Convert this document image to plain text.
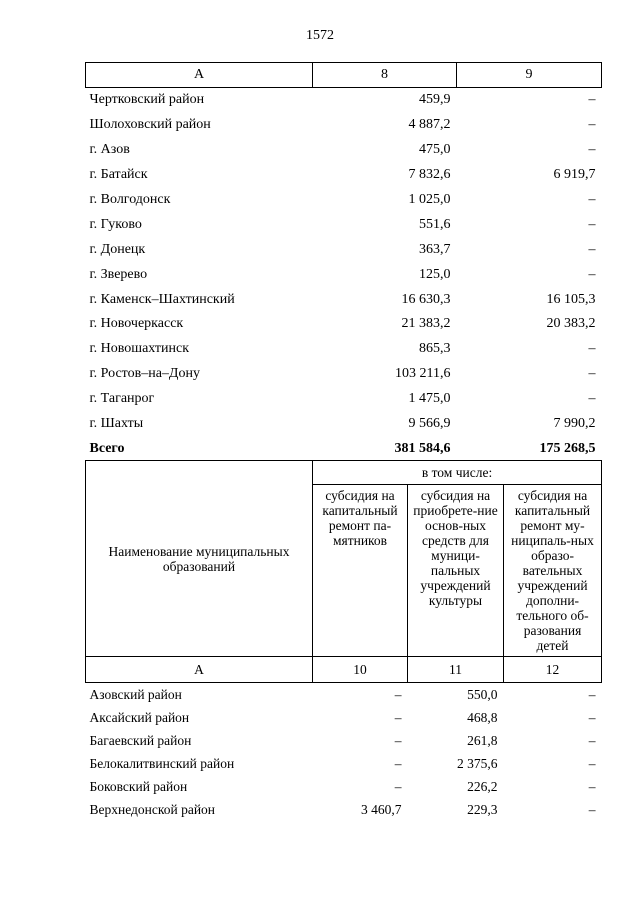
1572
А	8	9
Чертковский район	459,9	–
Шолоховский район	4 887,2	–
г. Азов	475,0	–
г. Батайск	7 832,6	6 919,7
г. Волгодонск	1 025,0	–
г. Гуково	551,6	–
г. Донецк	363,7	–
г. Зверево	125,0	–
г. Каменск–Шахтинский	16 630,3	16 105,3
г. Новочеркасск	21 383,2	20 383,2
г. Новошахтинск	865,3	–
г. Ростов–на–Дону	103 211,6	–
г. Таганрог	1 475,0	–
г. Шахты	9 566,9	7 990,2
Всего	381 584,6	175 268,5
Наименование муниципальных образований	в том числе:		
	субсидия на капитальный ремонт па-мятников	субсидия на приобрете-ние основ-ных средств для муници-пальных учреждений культуры	субсидия на капитальный ремонт му-ниципаль-ных образо-вательных учреждений дополни-тельного об-разования детей
А	10	11	12
Азовский район	–	550,0	–
Аксайский район	–	468,8	–
Багаевский район	–	261,8	–
Белокалитвинский район	–	2 375,6	–
Боковский район	–	226,2	–
Верхнедонской район	3 460,7	229,3	–
